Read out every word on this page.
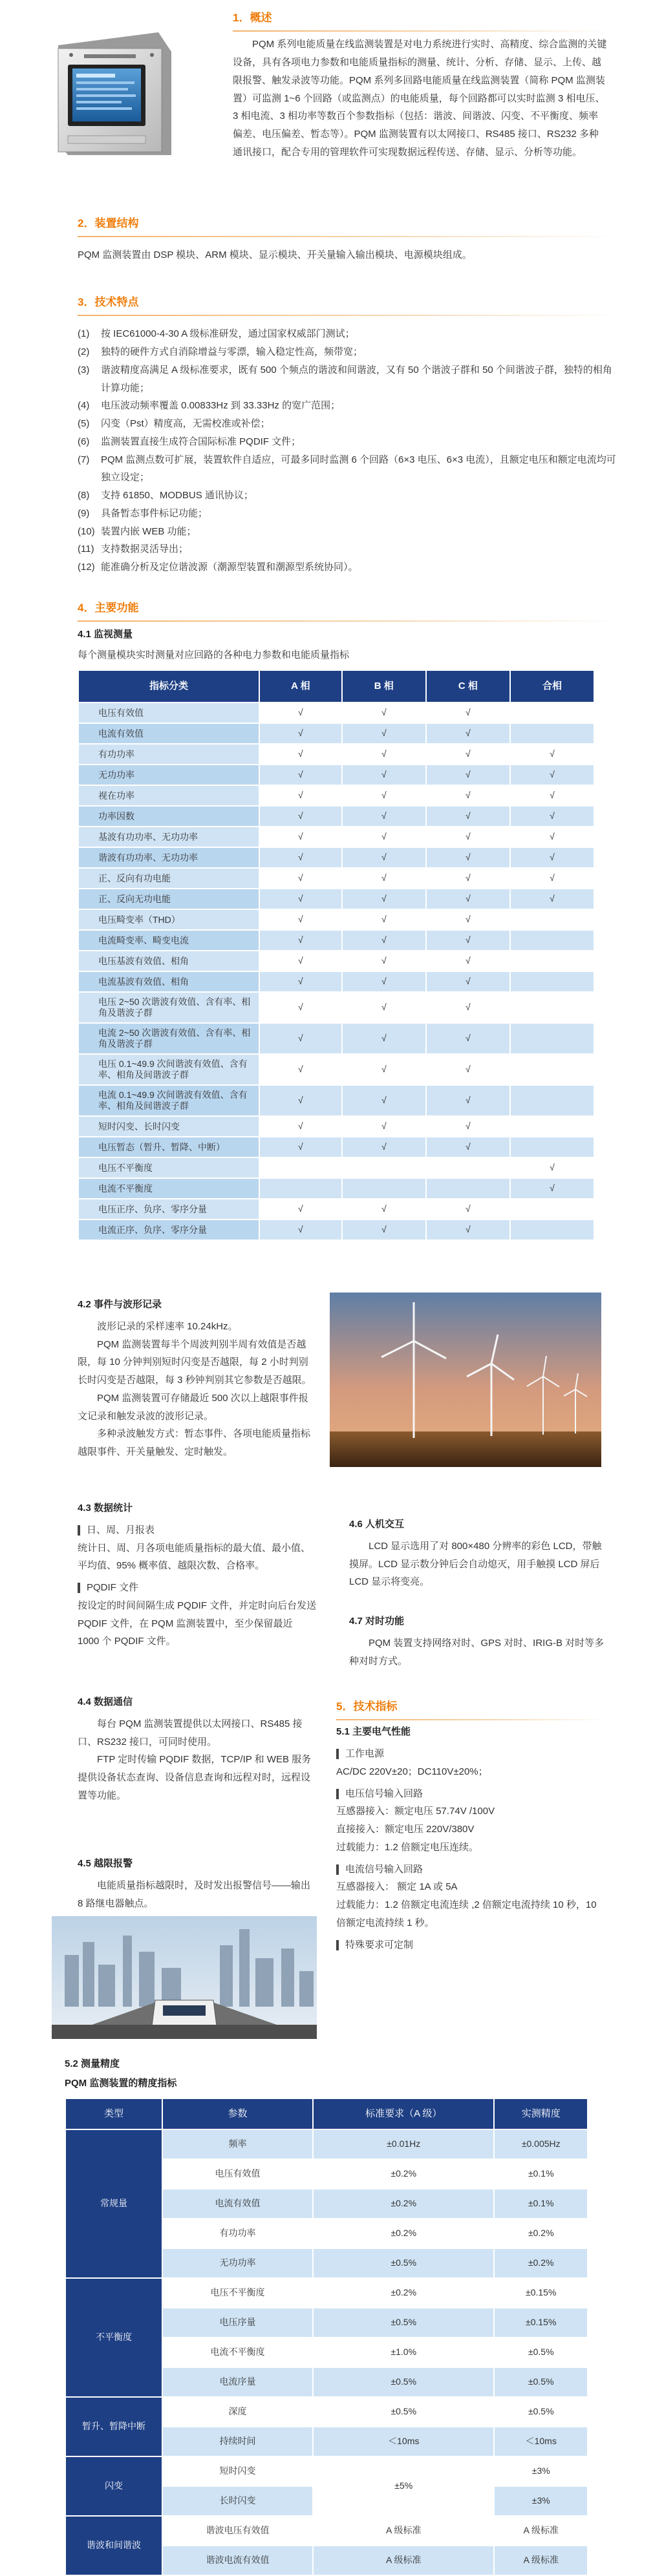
1．概述

PQM 系列电能质量在线监测装置是对电力系统进行实时、高精度、综合监测的关键设备，具有各项电力参数和电能质量指标的测量、统计、分析、存储、显示、上传、越限报警、触发录波等功能。PQM 系列多回路电能质量在线监测装置（简称 PQM 监测装置）可监测 1~6 个回路（或监测点）的电能质量，每个回路都可以实时监测 3 相电压、3 相电流、3 相功率等数百个参数指标（包括：谐波、间谐波、闪变、不平衡度、频率偏差、电压偏差、暂态等）。PQM 监测装置有以太网接口、RS485 接口、RS232 多种通讯接口，配合专用的管理软件可实现数据远程传送、存储、显示、分析等功能。

2．装置结构

PQM 监测装置由 DSP 模块、ARM 模块、显示模块、开关量输入输出模块、电源模块组成。

3．技术特点
(1)	按 IEC61000-4-30 A 级标准研发，通过国家权威部门测试；
(2)	独特的硬件方式自消除增益与零漂，输入稳定性高，频带宽；
(3)	谐波精度高满足 A 级标准要求，既有 500 个频点的谐波和间谐波，又有 50 个谐波子群和 50 个间谐波子群，独特的相角计算功能；
(4)	电压波动频率覆盖 0.00833Hz 到 33.33Hz 的宽广范围；
(5)	闪变（Pst）精度高，无需校准或补偿；
(6)	监测装置直接生成符合国际标准 PQDIF 文件；
(7)	PQM 监测点数可扩展，装置软件自适应，可最多同时监测 6 个回路（6×3 电压、6×3 电流），且额定电压和额定电流均可独立设定；
(8)	支持 61850、MODBUS 通讯协议；
(9)	具备暂态事件标记功能；
(10) 装置内嵌 WEB 功能；
(11) 支持数据灵活导出；
(12) 能准确分析及定位谐波源（潮源型装置和潮源型系统协同）。
4．主要功能
4.1 监视测量

每个测量模块实时测量对应回路的各种电力参数和电能质量指标

指标分类	A 相	B 相	C 相	合相
电压有效值	√	√	√	
电流有效值	√	√	√	
有功功率	√	√	√	√
无功功率	√	√	√	√
视在功率	√	√	√	√
功率因数	√	√	√	√
基波有功功率、无功功率	√	√	√	√
谐波有功功率、无功功率	√	√	√	√
正、反向有功电能	√	√	√	√
正、反向无功电能	√	√	√	√
电压畸变率（THD）	√	√	√	
电流畸变率、畸变电流	√	√	√	
电压基波有效值、相角	√	√	√	
电流基波有效值、相角	√	√	√	
电压 2~50 次谐波有效值、含有率、相角及谐波子群	√	√	√	
电流 2~50 次谐波有效值、含有率、相角及谐波子群	√	√	√	
电压 0.1~49.9 次间谐波有效值、含有率、相角及间谐波子群	√	√	√	
电流 0.1~49.9 次间谐波有效值、含有率、相角及间谐波子群	√	√	√	
短时闪变、长时闪变	√	√	√	
电压暂态（暂升、暂降、中断）	√	√	√	
电压不平衡度				√
电流不平衡度				√
电压正序、负序、零序分量	√	√	√	
电流正序、负序、零序分量	√	√	√	
4.2 事件与波形记录

波形记录的采样速率 10.24kHz。

PQM 监测装置每半个周波判别半周有效值是否越限，每 10 分钟判别短时闪变是否越限，每 2 小时判别长时闪变是否越限，每 3 秒钟判别其它参数是否越限。

PQM 监测装置可存储最近 500 次以上越限事件报文记录和触发录波的波形记录。

多种录波触发方式：暂态事件、各项电能质量指标越限事件、开关量触发、定时触发。

4.3 数据统计
日、周、月报表

统计日、周、月各项电能质量指标的最大值、最小值、平均值、95% 概率值、越限次数、合格率。

PQDIF 文件

按设定的时间间隔生成 PQDIF 文件，并定时向后台发送 PQDIF 文件，在 PQM 监测装置中，至少保留最近 1000 个 PQDIF 文件。

4.6 人机交互

LCD 显示选用了对 800×480 分辨率的彩色 LCD，带触摸屏。LCD 显示数分钟后会自动熄灭，用手触摸 LCD 屏后 LCD 显示将变亮。

4.7 对时功能

PQM 装置支持网络对时、GPS 对时、IRIG-B 对时等多种对时方式。

4.4 数据通信

每台 PQM 监测装置提供以太网接口、RS485 接口、RS232 接口，可同时使用。

FTP 定时传输 PQDIF 数据，TCP/IP 和 WEB 服务提供设备状态查询、设备信息查询和远程对时，远程设置等功能。

4.5 越限报警

电能质量指标越限时，及时发出报警信号——输出 8 路继电器触点。

5．技术指标
5.1 主要电气性能
工作电源

AC/DC 220V±20；DC110V±20%；

电压信号输入回路

互感器接入：额定电压 57.74V /100V

直接接入：额定电压 220V/380V

过载能力：1.2 倍额定电压连续。

电流信号输入回路

互感器接入： 额定 1A 或 5A

过载能力：1.2 倍额定电流连续 ,2 倍额定电流持续 10 秒，10 倍额定电流持续 1 秒。

特殊要求可定制
5.2 测量精度
PQM 监测装置的精度指标
类型	参数	标准要求（A 级）	实测精度
常规量	频率	±0.01Hz	±0.005Hz
	电压有效值	±0.2%	±0.1%
	电流有效值	±0.2%	±0.1%
	有功功率	±0.2%	±0.2%
	无功功率	±0.5%	±0.2%
不平衡度	电压不平衡度	±0.2%	±0.15%
	电压序量	±0.5%	±0.15%
	电流不平衡度	±1.0%	±0.5%
	电流序量	±0.5%	±0.5%
暂升、暂降中断	深度	±0.5%	±0.5%
	持续时间	＜10ms	＜10ms
闪变	短时闪变	±5%	±3%
	长时闪变		±3%
谐波和间谐波	谐波电压有效值	A 级标准	A 级标准
	谐波电流有效值	A 级标准	A 级标准
